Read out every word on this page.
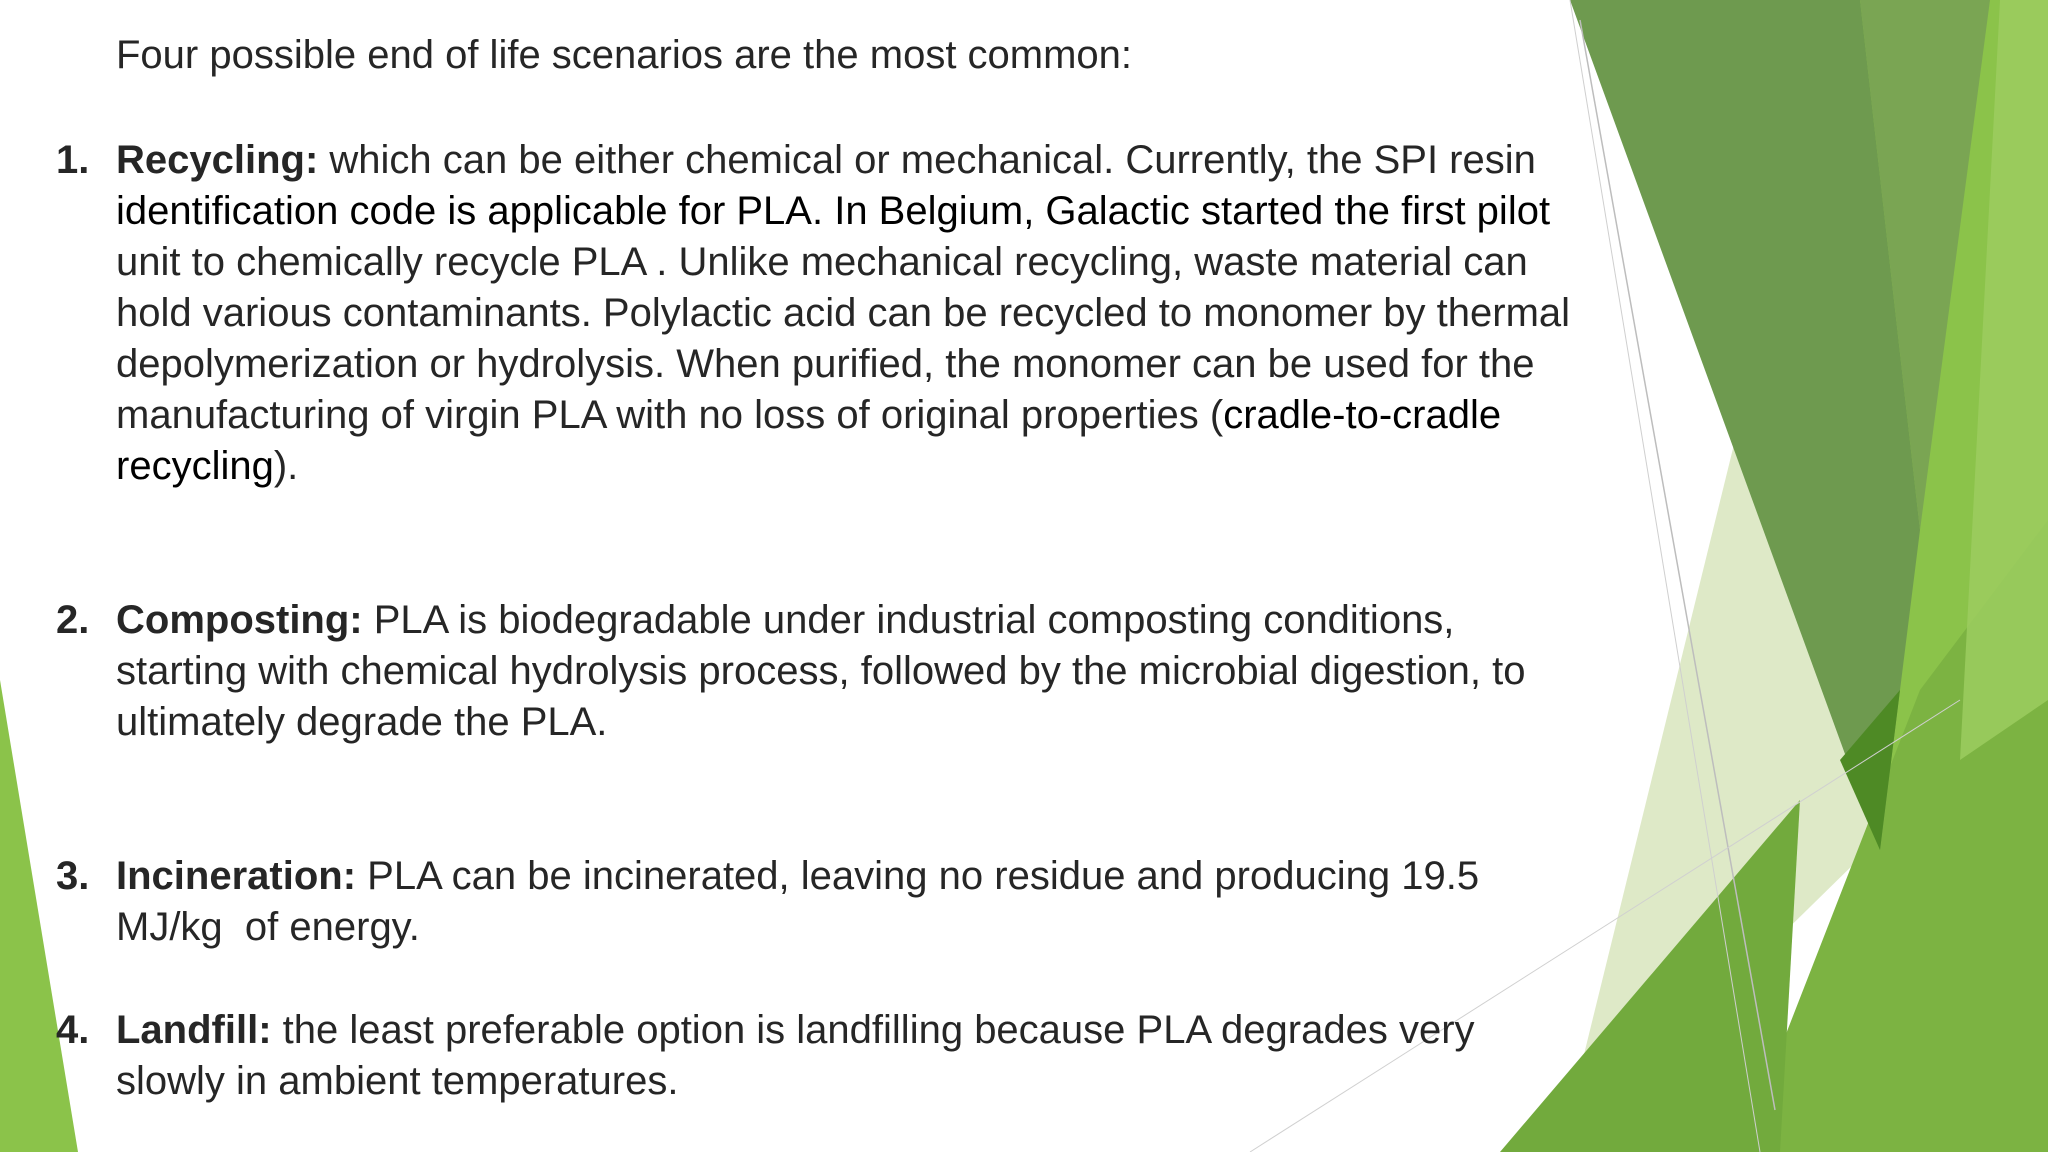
Four possible end of life scenarios are the most common:
1. Recycling: which can be either chemical or mechanical. Currently, the SPI resin
identification code is applicable for PLA. In Belgium, Galactic started the first pilot
unit to chemically recycle PLA . Unlike mechanical recycling, waste material can
hold various contaminants. Polylactic acid can be recycled to monomer by thermal
depolymerization or hydrolysis. When purified, the monomer can be used for the
manufacturing of virgin PLA with no loss of original properties (cradle-to-cradle
recycling).
2. Composting: PLA is biodegradable under industrial composting conditions,
starting with chemical hydrolysis process, followed by the microbial digestion, to
ultimately degrade the PLA.
3. Incineration: PLA can be incinerated, leaving no residue and producing 19.5
MJ/kg  of energy.
4. Landfill: the least preferable option is landfilling because PLA degrades very
slowly in ambient temperatures.
